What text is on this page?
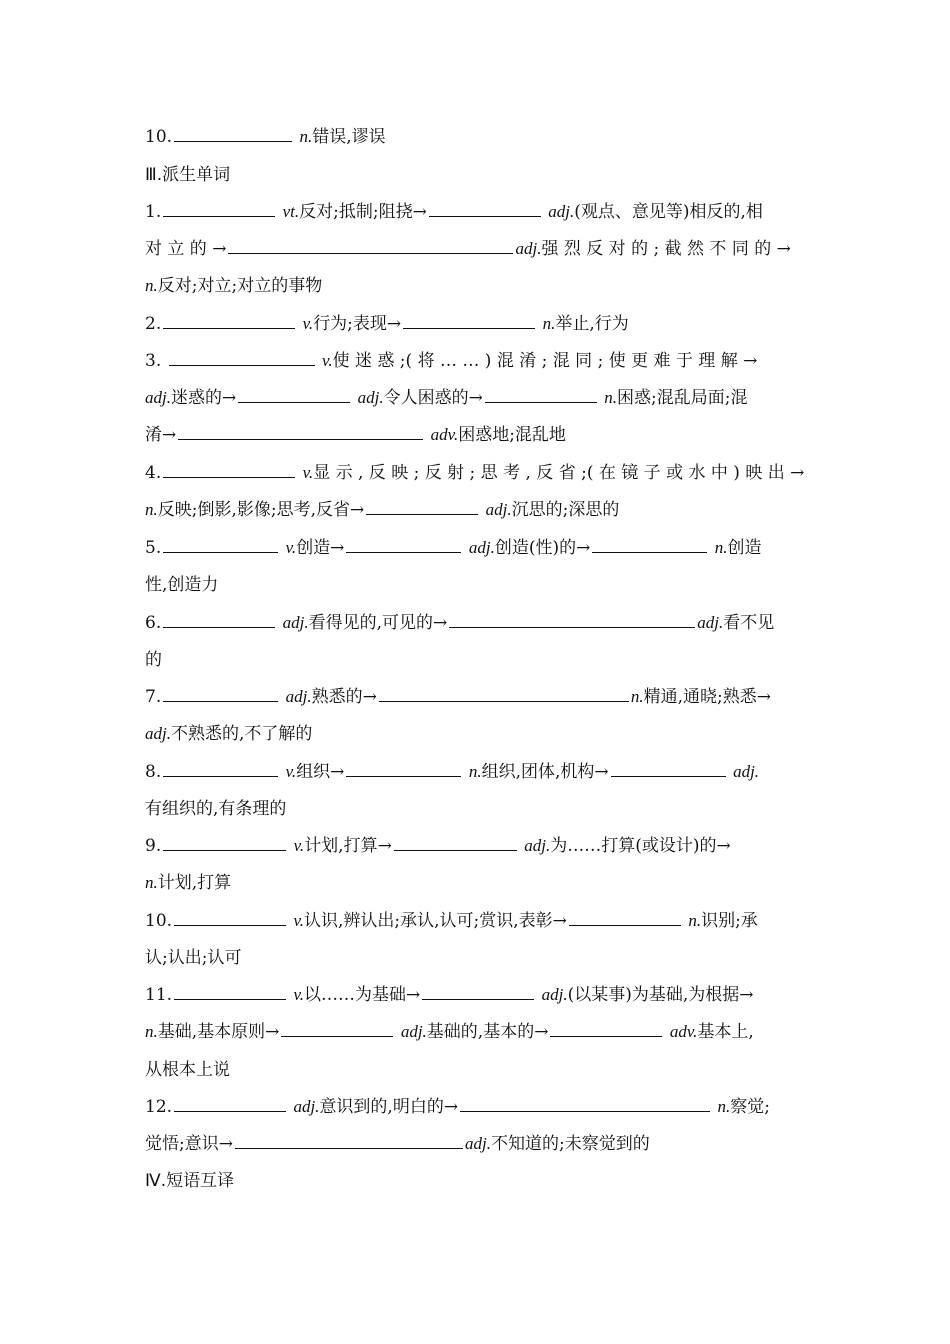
10.	n.错误,谬误
Ⅲ.派生单词
1.	vt.反对;抵制;阻挠→	adj.(观点、意见等)相反的,相
对 立 的 →	adj.强 烈 反 对 的 ; 截 然 不 同 的 →
n.反对;对立;对立的事物
2.	v.行为;表现→	n.举止,行为
3.	v.使 迷 惑 ;( 将 … … ) 混 淆 ; 混 同 ; 使 更 难 于 理 解 →
adj.迷惑的→	adj.令人困惑的→	n.困惑;混乱局面;混
淆→	adv.困惑地;混乱地
4.	v.显 示 , 反 映 ; 反 射 ; 思 考 , 反 省 ;( 在 镜 子 或 水 中 ) 映 出 →
n.反映;倒影,影像;思考,反省→	adj.沉思的;深思的
5.	v.创造→	adj.创造(性)的→	n.创造
性,创造力
6.	adj.看得见的,可见的→	adj.看不见
的
7.	adj.熟悉的→	n.精通,通晓;熟悉→
adj.不熟悉的,不了解的
8.	v.组织→	n.组织,团体,机构→	adj.
有组织的,有条理的
9.	v.计划,打算→	adj.为……打算(或设计)的→
n.计划,打算
10.	v.认识,辨认出;承认,认可;赏识,表彰→	n.识别;承
认;认出;认可
11.	v.以……为基础→	adj.(以某事)为基础,为根据→
n.基础,基本原则→	adj.基础的,基本的→	adv.基本上,
从根本上说
12.	adj.意识到的,明白的→	n.察觉;
觉悟;意识→	adj.不知道的;未察觉到的
Ⅳ.短语互译
